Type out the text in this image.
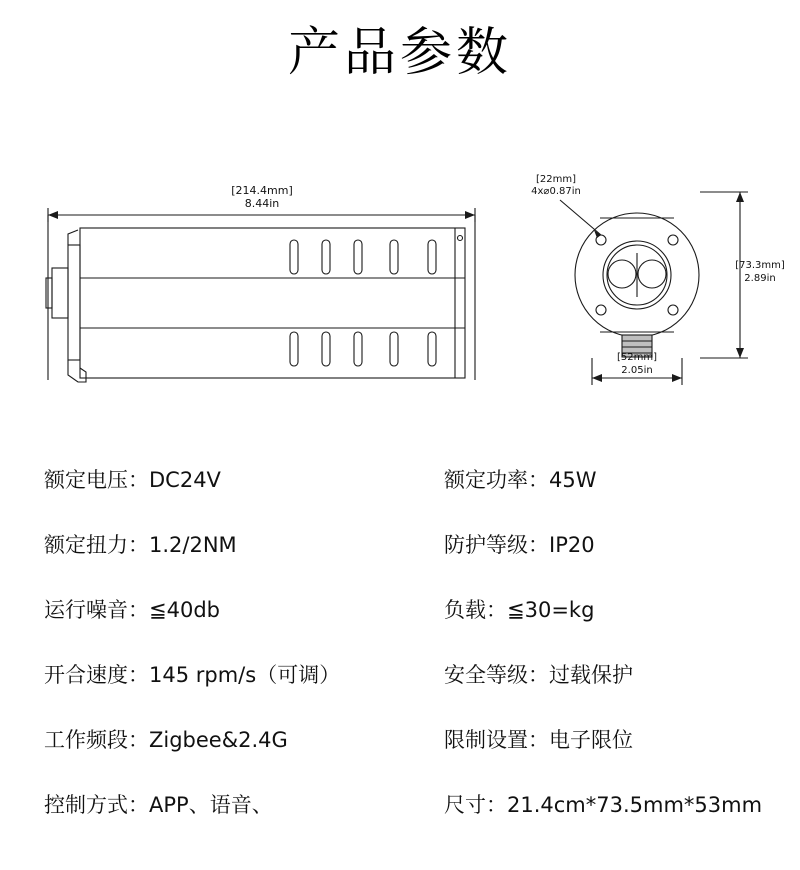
产品参数
[214.4mm]
8.44in
[22mm]
4x⌀0.87in
[73.3mm]
2.89in
[52mm]
2.05in
额定电压：DC24V	额定功率：45W
额定扭力：1.2/2NM	防护等级：IP20
运行噪音：≦40db	负载：≦30=kg
开合速度：145 rpm/s（可调）	安全等级：过载保护
工作频段：Zigbee&2.4G	限制设置：电子限位
控制方式：APP、语音、	尺寸：21.4cm*73.5mm*53mm
